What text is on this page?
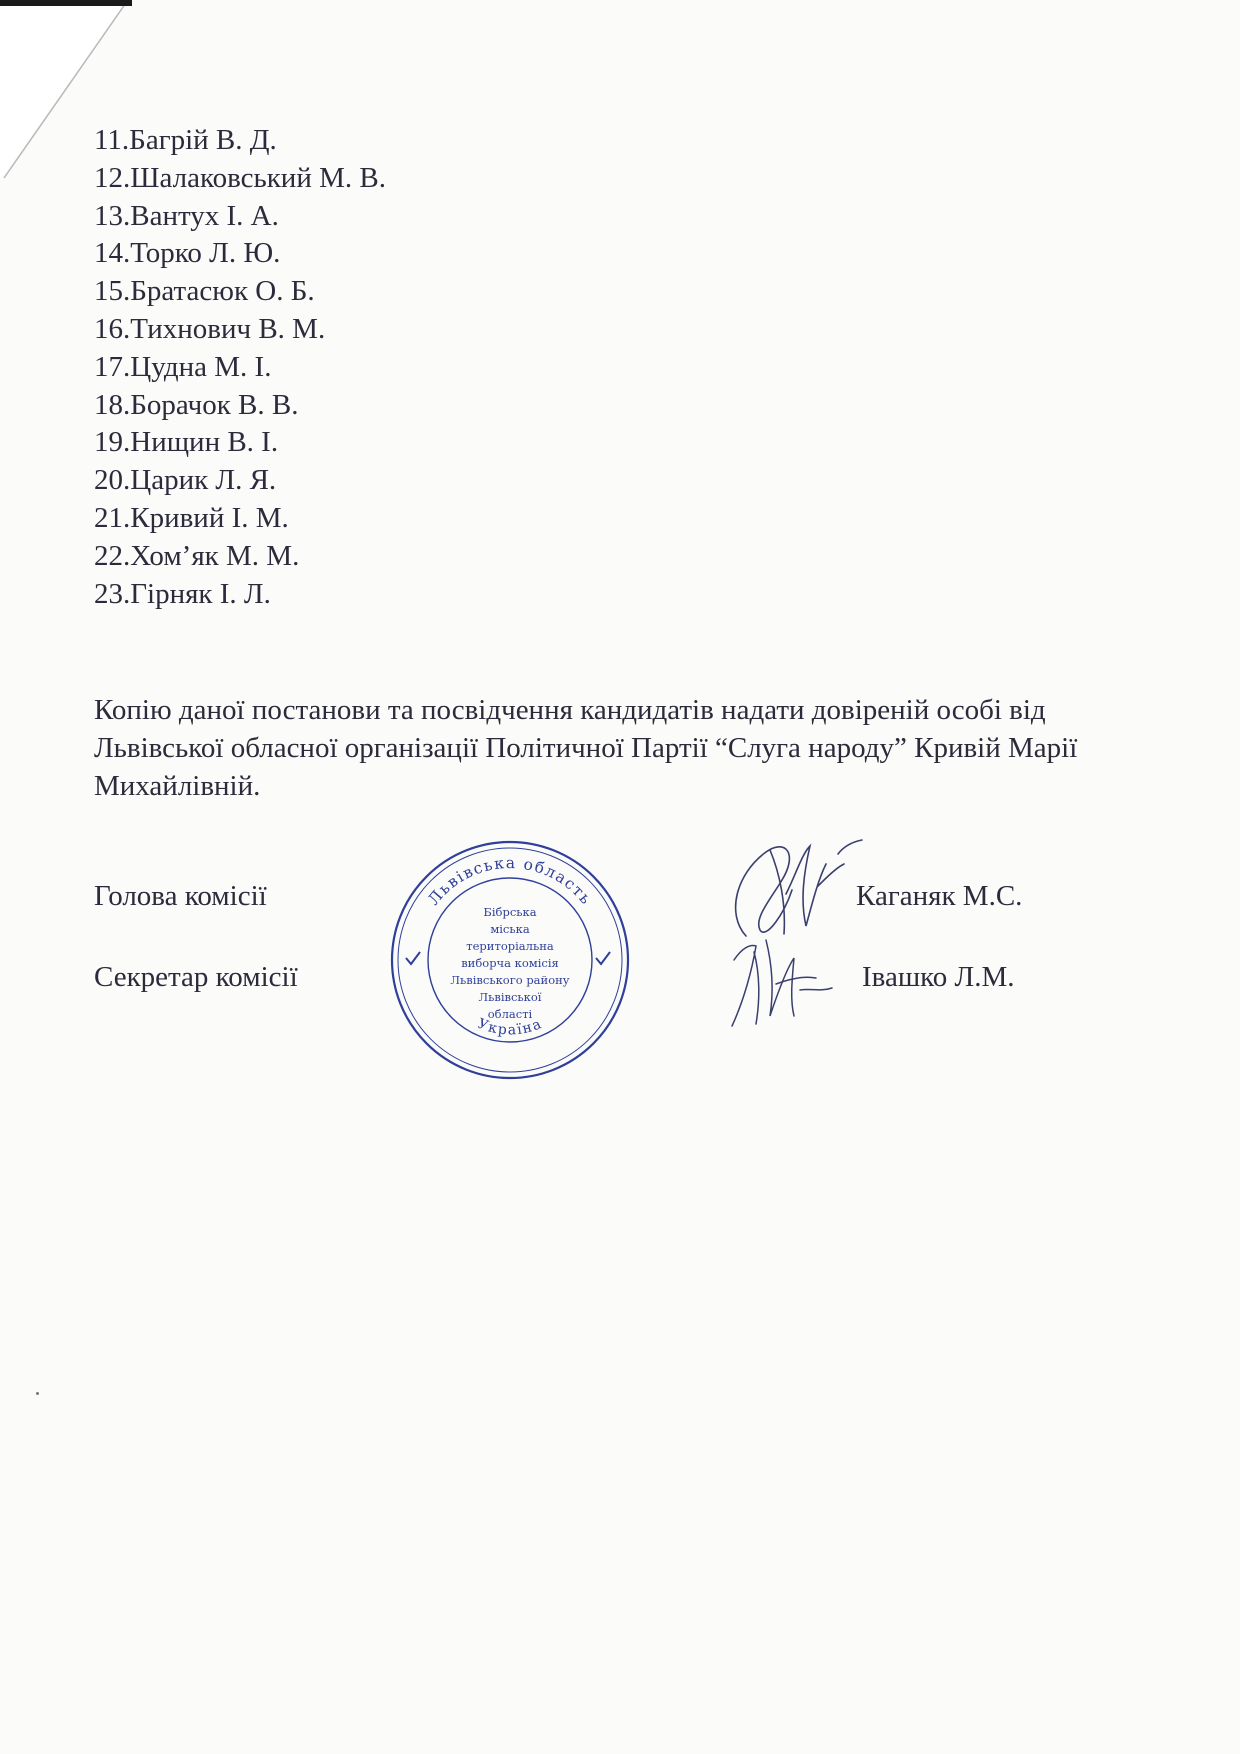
11.Багрій В. Д.
12.Шалаковський М. В.
13.Вантух І. А.
14.Торко Л. Ю.
15.Братасюк О. Б.
16.Тихнович В. М.
17.Цудна М. І.
18.Борачок В. В.
19.Нищин В. І.
20.Царик Л. Я.
21.Кривий І. М.
22.Хом’як М. М.
23.Гірняк І. Л.

Копію даної постанови та посвідчення кандидатів надати довіреній особі від Львівської обласної організації Політичної Партії “Слуга народу” Кривій Марії Михайлівній.

Голова комісії	Каганяк М.С.
Секретар комісії	Івашко Л.М.
Львівська область
Україна
Бібрська
міська
територіальна
виборча комісія
Львівського району
Львівської
області
